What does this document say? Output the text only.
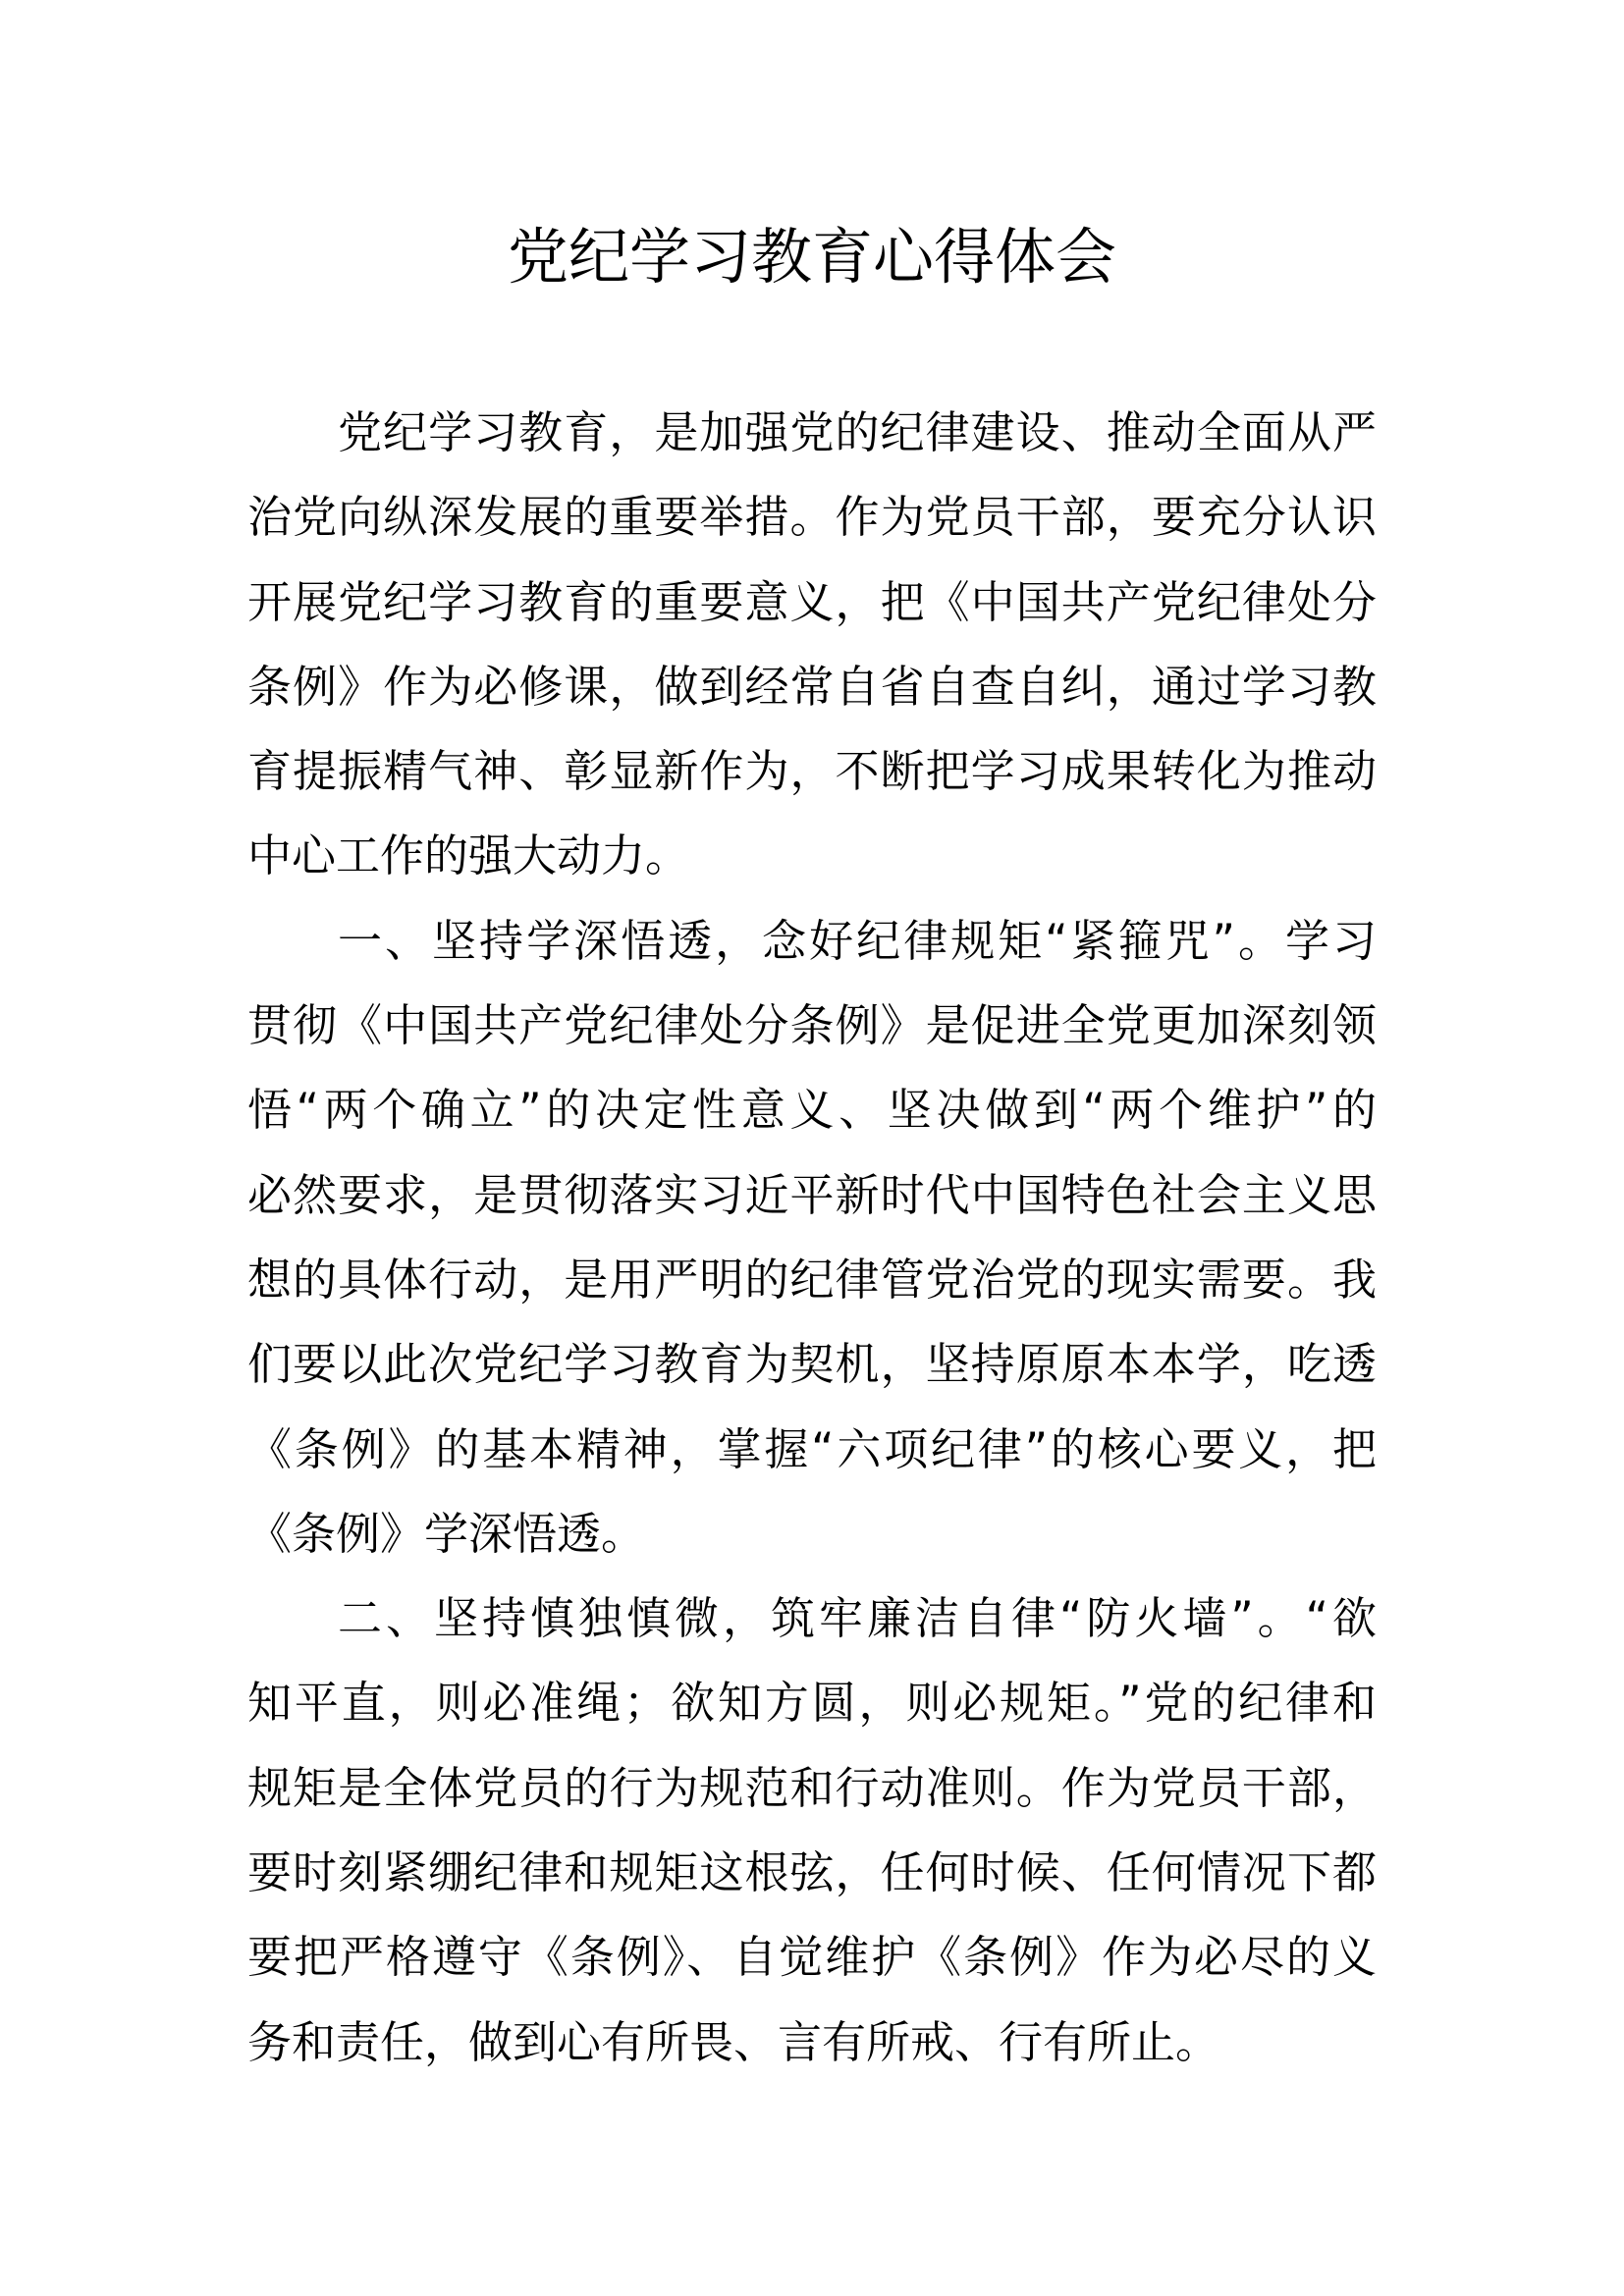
党纪学习教育心得体会
党纪学习教育，是加强党的纪律建设、推动全面从严
治党向纵深发展的重要举措。作为党员干部，要充分认识
开展党纪学习教育的重要意义，把《中国共产党纪律处分
条例》作为必修课，做到经常自省自查自纠，通过学习教
育提振精气神、彰显新作为，不断把学习成果转化为推动
中心工作的强大动力。
一、坚持学深悟透，念好纪律规矩“紧箍咒”。学习
贯彻《中国共产党纪律处分条例》是促进全党更加深刻领
悟“两个确立”的决定性意义、坚决做到“两个维护”的
必然要求，是贯彻落实习近平新时代中国特色社会主义思
想的具体行动，是用严明的纪律管党治党的现实需要。我
们要以此次党纪学习教育为契机，坚持原原本本学，吃透
《条例》的基本精神，掌握“六项纪律”的核心要义，把
《条例》学深悟透。
二、坚持慎独慎微，筑牢廉洁自律“防火墙”。“欲
知平直，则必准绳；欲知方圆，则必规矩。”党的纪律和
规矩是全体党员的行为规范和行动准则。作为党员干部，
要时刻紧绷纪律和规矩这根弦，任何时候、任何情况下都
要把严格遵守《条例》、自觉维护《条例》作为必尽的义
务和责任，做到心有所畏、言有所戒、行有所止。
